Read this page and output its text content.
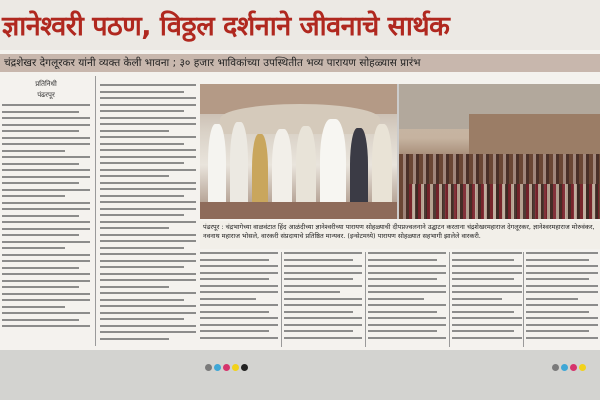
ज्ञानेश्वरी पठण, विठ्ठल दर्शनाने जीवनाचे सार्थक
चंद्रशेखर देगलूरकर यांनी व्यक्त केली भावना ; ३० हजार भाविकांच्या उपस्थितीत भव्य पारायण सोहळ्यास प्रारंभ
प्रतिनिधी
पंढरपूर
पंढरपूर : चंद्रभागेच्या वाळवंटात हिंद आळंदीच्या ज्ञानेश्वरीच्या पारायण सोहळ्याची दीपप्रज्वलनाने उद्घाटन करताना चंद्रशेखरमहाराज देगलूरकर, ज्ञानेश्वरमहाराज मोरुवंकर, नवनाथ महाराज भोसले, वारकरी संप्रदायाचे प्रतिष्ठित मान्यवर. (इन्सेटमध्ये) पारायण सोहळ्यात सहभागी झालेले वारकरी.
